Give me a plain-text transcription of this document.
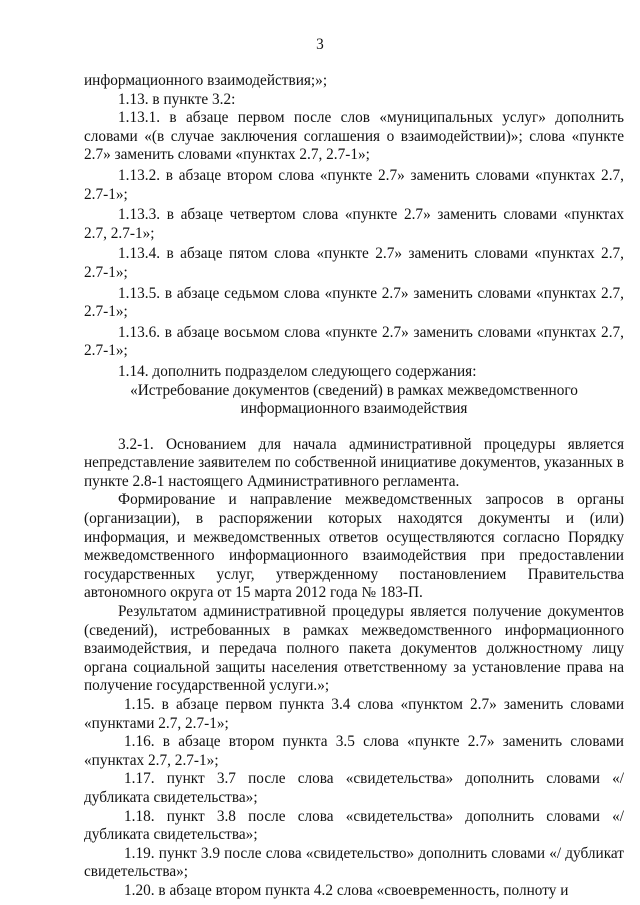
3

информационного взаимодействия;»;

1.13. в пункте 3.2:

1.13.1. в абзаце первом после слов «муниципальных услуг» дополнить словами «(в случае заключения соглашения о взаимодействии)»; слова «пункте 2.7» заменить словами «пунктах 2.7, 2.7-1»;

1.13.2. в абзаце втором слова «пункте 2.7» заменить словами «пунктах 2.7, 2.7-1»;

1.13.3. в абзаце четвертом слова «пункте 2.7» заменить словами «пунктах 2.7, 2.7-1»;

1.13.4. в абзаце пятом слова «пункте 2.7» заменить словами «пунктах 2.7, 2.7-1»;

1.13.5. в абзаце седьмом слова «пункте 2.7» заменить словами «пунктах 2.7, 2.7-1»;

1.13.6. в абзаце восьмом слова «пункте 2.7» заменить словами «пунктах 2.7, 2.7-1»;

1.14. дополнить подразделом следующего содержания:

«Истребование документов (сведений) в рамках межведомственного информационного взаимодействия

3.2-1. Основанием для начала административной процедуры является непредставление заявителем по собственной инициативе документов, указанных в пункте 2.8-1 настоящего Административного регламента.

Формирование и направление межведомственных запросов в органы (организации), в распоряжении которых находятся документы и (или) информация, и межведомственных ответов осуществляются согласно Порядку межведомственного информационного взаимодействия при предоставлении государственных услуг, утвержденному постановлением Правительства автономного округа от 15 марта 2012 года № 183-П.

Результатом административной процедуры является получение документов (сведений), истребованных в рамках межведомственного информационного взаимодействия, и передача полного пакета документов должностному лицу органа социальной защиты населения ответственному за установление права на получение государственной услуги.»;

1.15. в абзаце первом пункта 3.4 слова «пунктом 2.7» заменить словами «пунктами 2.7, 2.7-1»;

1.16. в абзаце втором пункта 3.5 слова «пункте 2.7» заменить словами «пунктах 2.7, 2.7-1»;

1.17. пункт 3.7 после слова «свидетельства» дополнить словами «/ дубликата свидетельства»;

1.18. пункт 3.8 после слова «свидетельства» дополнить словами «/ дубликата свидетельства»;

1.19. пункт 3.9 после слова «свидетельство» дополнить словами «/ дубликат свидетельства»;

1.20. в абзаце втором пункта 4.2 слова «своевременность, полноту и
